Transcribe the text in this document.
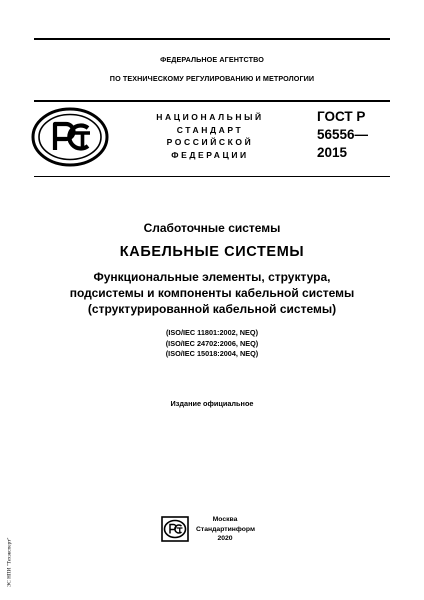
ФЕДЕРАЛЬНОЕ АГЕНТСТВО
ПО ТЕХНИЧЕСКОМУ РЕГУЛИРОВАНИЮ И МЕТРОЛОГИИ
НАЦИОНАЛЬНЫЙ
СТАНДАРТ
РОССИЙСКОЙ
ФЕДЕРАЦИИ
ГОСТ Р
56556—
2015
Слаботочные системы
КАБЕЛЬНЫЕ СИСТЕМЫ
Функциональные элементы, структура,
подсистемы и компоненты кабельной системы
(структурированной кабельной системы)
(ISO/IEC 11801:2002, NEQ)
(ISO/IEC 24702:2006, NEQ)
(ISO/IEC 15018:2004, NEQ)
Издание официальное
Москва
Стандартинформ
2020
ЭС НПИ "Техэксперт"
